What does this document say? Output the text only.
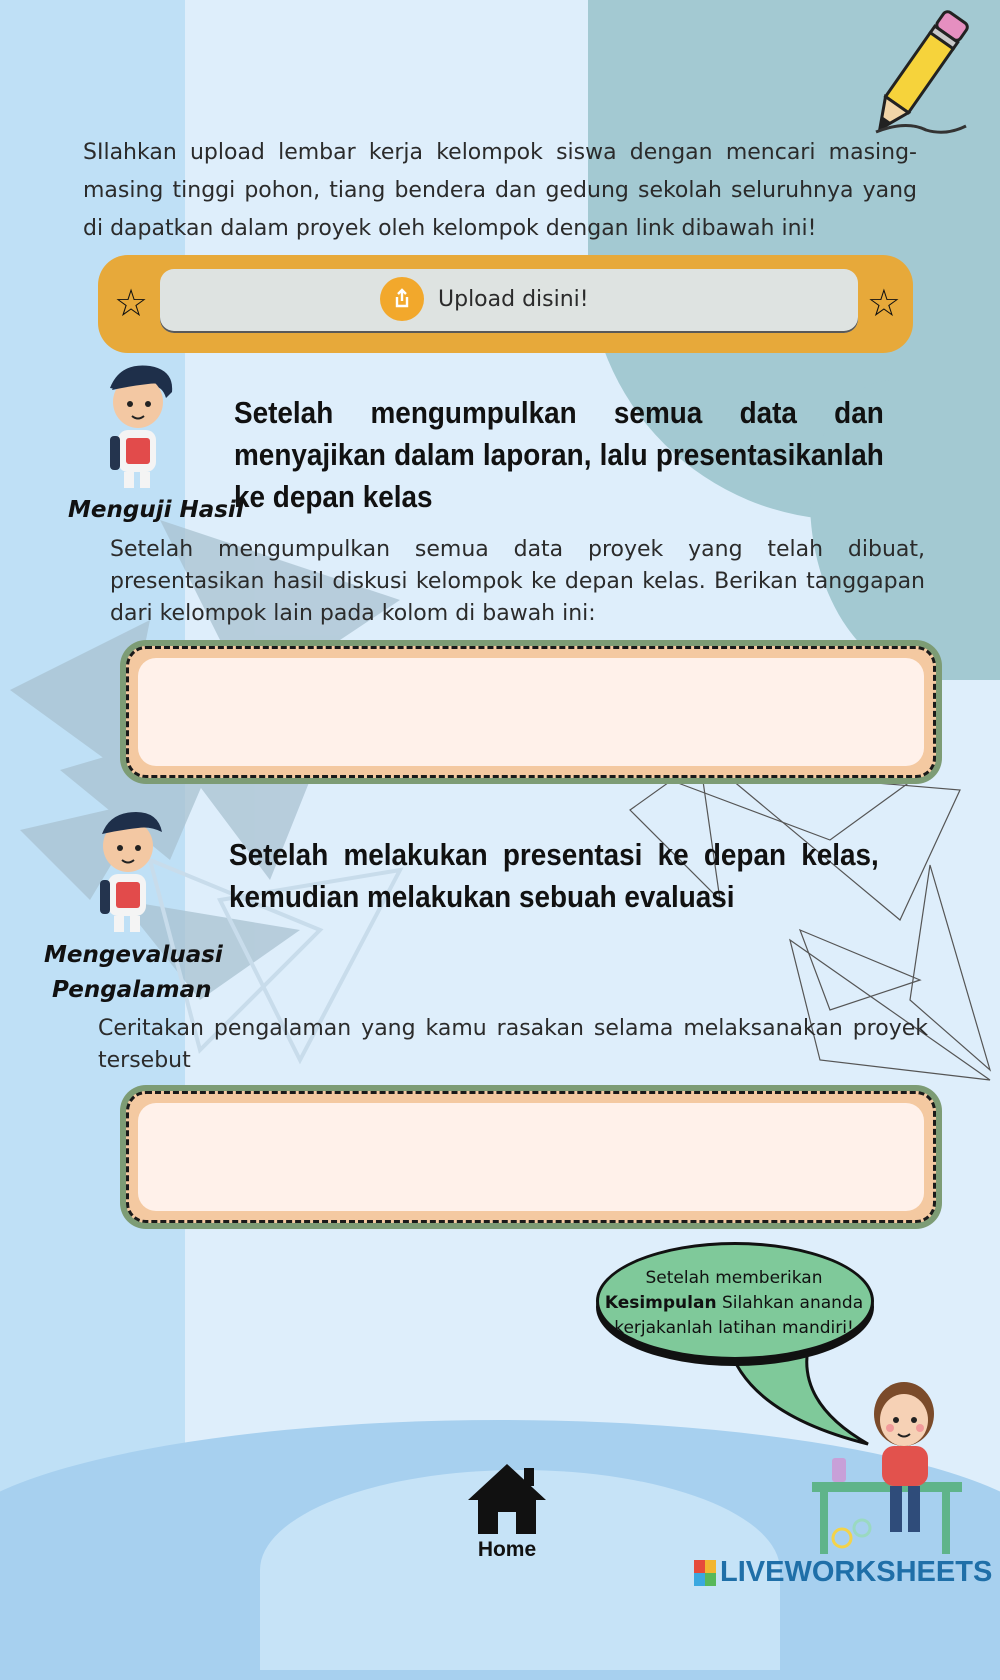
SIlahkan upload lembar kerja kelompok siswa dengan mencari masing-masing tinggi pohon, tiang bendera dan gedung sekolah seluruhnya yang di dapatkan dalam proyek oleh kelompok dengan link dibawah ini!
☆	Upload disini!	☆
Setelah mengumpulkan semua data dan menyajikan dalam laporan, lalu presentasikanlah ke depan kelas
Menguji Hasil
Setelah mengumpulkan semua data proyek yang telah dibuat, presentasikan hasil diskusi kelompok ke depan kelas. Berikan tanggapan dari kelompok lain pada kolom di bawah ini:
Setelah melakukan presentasi ke depan kelas, kemudian melakukan sebuah evaluasi
Mengevaluasi
Pengalaman
Ceritakan pengalaman yang kamu rasakan selama melaksanakan proyek tersebut
Setelah memberikan
Kesimpulan Silahkan ananda
kerjakanlah latihan mandiri!
Home
LIVEWORKSHEETS
